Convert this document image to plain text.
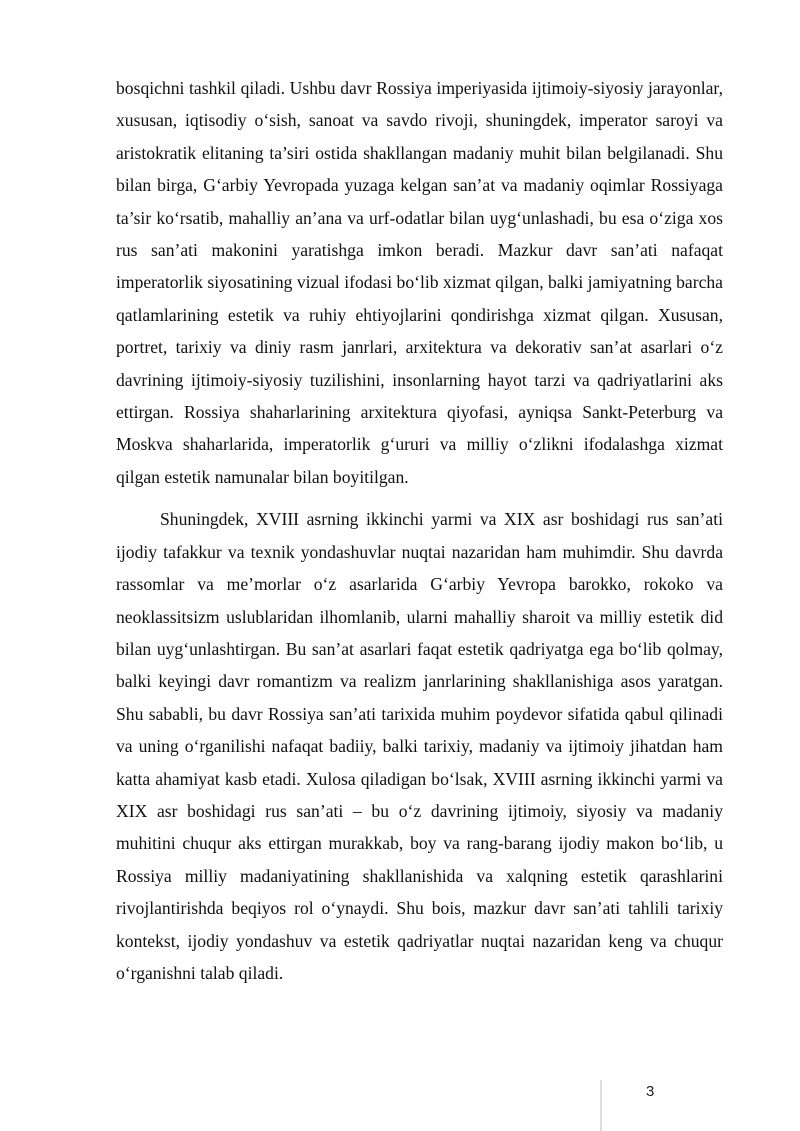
bosqichni tashkil qiladi. Ushbu davr Rossiya imperiyasida ijtimoiy-siyosiy jarayonlar, xususan, iqtisodiy oʻsish, sanoat va savdo rivoji, shuningdek, imperator saroyi va aristokratik elitaning ta’siri ostida shakllangan madaniy muhit bilan belgilanadi. Shu bilan birga, Gʻarbiy Yevropada yuzaga kelgan san’at va madaniy oqimlar Rossiyaga ta’sir koʻrsatib, mahalliy an’ana va urf-odatlar bilan uygʻunlashadi, bu esa oʻziga xos rus san’ati makonini yaratishga imkon beradi. Mazkur davr san’ati nafaqat imperatorlik siyosatining vizual ifodasi boʻlib xizmat qilgan, balki jamiyatning barcha qatlamlarining estetik va ruhiy ehtiyojlarini qondirishga xizmat qilgan. Xususan, portret, tarixiy va diniy rasm janrlari, arxitektura va dekorativ san’at asarlari oʻz davrining ijtimoiy-siyosiy tuzilishini, insonlarning hayot tarzi va qadriyatlarini aks ettirgan. Rossiya shaharlarining arxitektura qiyofasi, ayniqsa Sankt-Peterburg va Moskva shaharlarida, imperatorlik gʻururi va milliy oʻzlikni ifodalashga xizmat qilgan estetik namunalar bilan boyitilgan.

Shuningdek, XVIII asrning ikkinchi yarmi va XIX asr boshidagi rus san’ati ijodiy tafakkur va texnik yondashuvlar nuqtai nazaridan ham muhimdir. Shu davrda rassomlar va me’morlar oʻz asarlarida Gʻarbiy Yevropa barokko, rokoko va neoklassitsizm uslublaridan ilhomlanib, ularni mahalliy sharoit va milliy estetik did bilan uygʻunlashtirgan. Bu san’at asarlari faqat estetik qadriyatga ega boʻlib qolmay, balki keyingi davr romantizm va realizm janrlarining shakllanishiga asos yaratgan. Shu sababli, bu davr Rossiya san’ati tarixida muhim poydevor sifatida qabul qilinadi va uning oʻrganilishi nafaqat badiiy, balki tarixiy, madaniy va ijtimoiy jihatdan ham katta ahamiyat kasb etadi. Xulosa qiladigan boʻlsak, XVIII asrning ikkinchi yarmi va XIX asr boshidagi rus san’ati – bu oʻz davrining ijtimoiy, siyosiy va madaniy muhitini chuqur aks ettirgan murakkab, boy va rang-barang ijodiy makon boʻlib, u Rossiya milliy madaniyatining shakllanishida va xalqning estetik qarashlarini rivojlantirishda beqiyos rol oʻynaydi. Shu bois, mazkur davr san’ati tahlili tarixiy kontekst, ijodiy yondashuv va estetik qadriyatlar nuqtai nazaridan keng va chuqur oʻrganishni talab qiladi.

3
